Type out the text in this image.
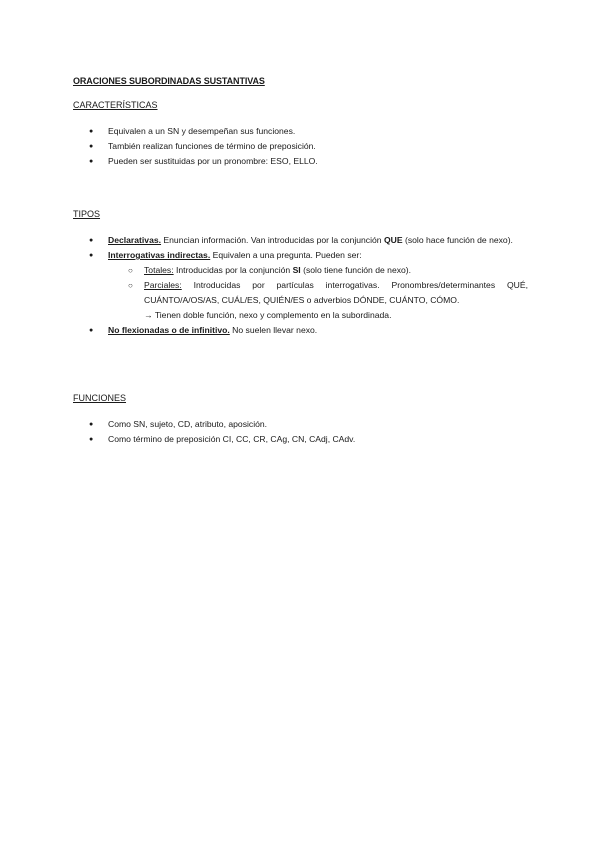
ORACIONES SUBORDINADAS SUSTANTIVAS
CARACTERÍSTICAS
● Equivalen a un SN y desempeñan sus funciones.
● También realizan funciones de término de preposición.
● Pueden ser sustituidas por un pronombre: ESO, ELLO.
TIPOS
● Declarativas. Enuncian información. Van introducidas por la conjunción QUE (solo hace función de nexo).
● Interrogativas indirectas. Equivalen a una pregunta. Pueden ser:
○ Totales: Introducidas por la conjunción SI (solo tiene función de nexo).
○ Parciales: Introducidas por partículas interrogativas. Pronombres/determinantes QUÉ, CUÁNTO/A/OS/AS, CUÁL/ES, QUIÉN/ES o adverbios DÓNDE, CUÁNTO, CÓMO.
→ Tienen doble función, nexo y complemento en la subordinada.
● No flexionadas o de infinitivo. No suelen llevar nexo.
FUNCIONES
● Como SN, sujeto, CD, atributo, aposición.
● Como término de preposición CI, CC, CR, CAg, CN, CAdj, CAdv.
